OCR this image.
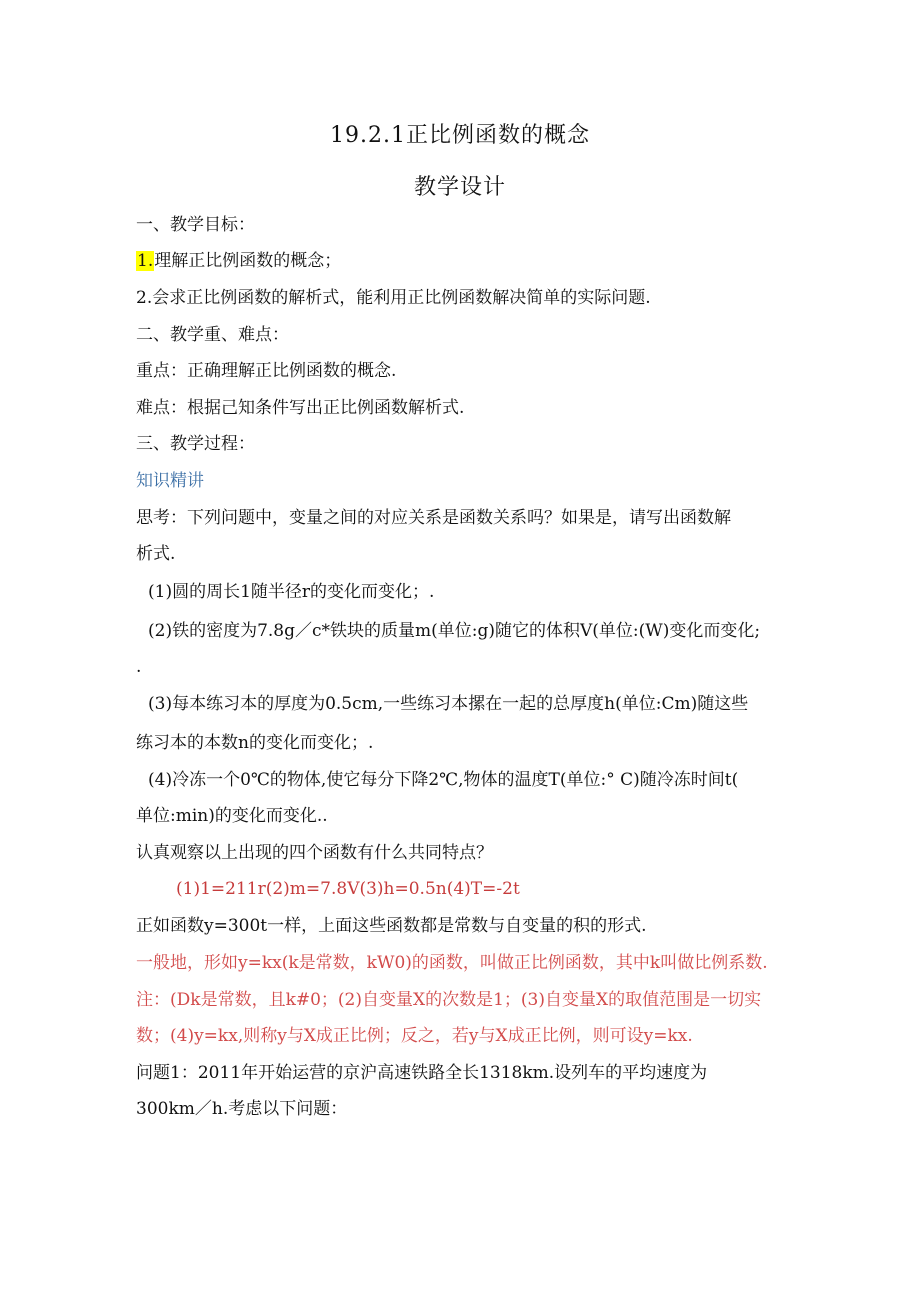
19.2.1正比例函数的概念
教学设计
一、教学目标：
1.理解正比例函数的概念；
2.会求正比例函数的解析式，能利用正比例函数解决简单的实际问题.
二、教学重、难点：
重点：正确理解正比例函数的概念.
难点：根据己知条件写出正比例函数解析式.
三、教学过程：
知识精讲
思考：下列问题中，变量之间的对应关系是函数关系吗？如果是，请写出函数解
析式.
(1)圆的周长1随半径r的变化而变化；.
(2)铁的密度为7.8g／c*铁块的质量m(单位:g)随它的体积V(单位:(W)变化而变化;
.
(3)每本练习本的厚度为0.5cm,一些练习本摞在一起的总厚度h(单位:Cm)随这些
练习本的本数n的变化而变化；.
(4)冷冻一个0℃的物体,使它每分下降2℃,物体的温度T(单位:° C)随冷冻时间t(
单位:min)的变化而变化..
认真观察以上出现的四个函数有什么共同特点？
(1)1=211r(2)m=7.8V(3)h=0.5n(4)T=-2t
正如函数y=300t一样，上面这些函数都是常数与自变量的积的形式.
一般地，形如y=kx(k是常数，kW0)的函数，叫做正比例函数，其中k叫做比例系数.
注：(Dk是常数，且k#0；(2)自变量X的次数是1；(3)自变量X的取值范围是一切实
数；(4)y=kx,则称y与X成正比例；反之，若y与X成正比例，则可设y=kx.
问题1：2011年开始运营的京沪高速铁路全长1318km.设列车的平均速度为
300km／h.考虑以下问题：
